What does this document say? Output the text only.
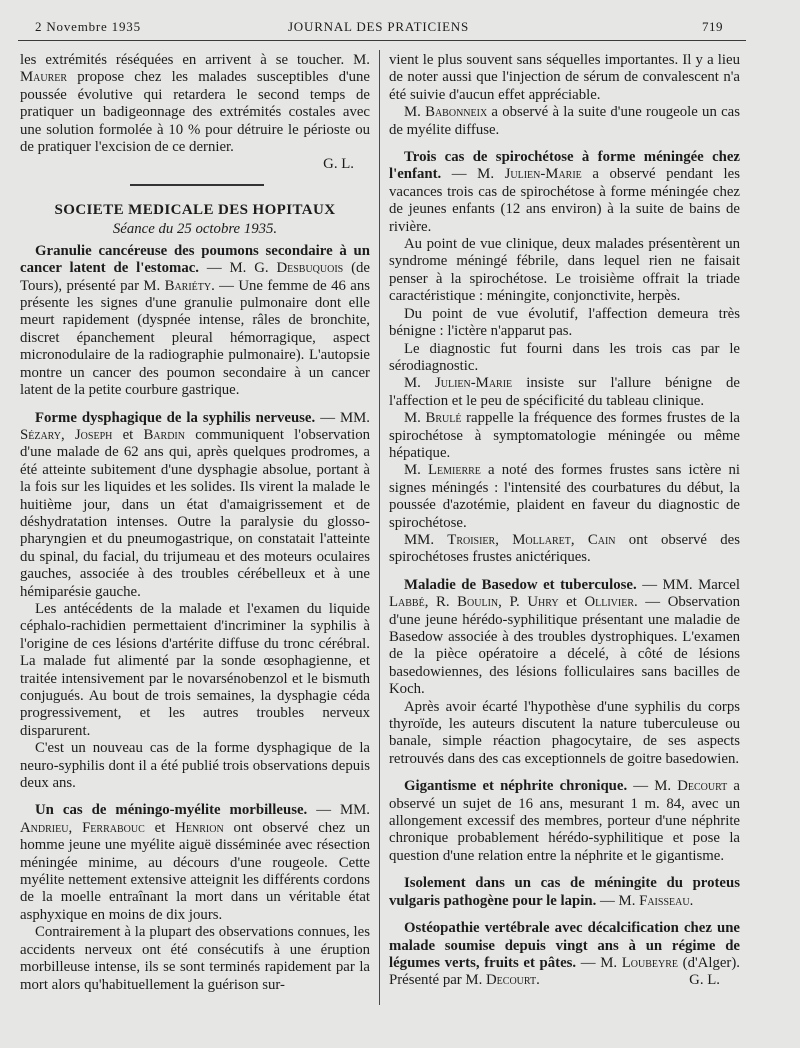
2 Novembre 1935	JOURNAL DES PRATICIENS	719

les extrémités réséquées en arrivent à se toucher. M. Maurer propose chez les malades susceptibles d'une poussée évolutive qui retardera le second temps de pratiquer un badigeonnage des extrémités costales avec une solution formolée à 10 % pour détruire le périoste ou de pratiquer l'excision de ce dernier.

G. L.
SOCIETE MEDICALE DES HOPITAUX
Séance du 25 octobre 1935.

Granulie cancéreuse des poumons secondaire à un cancer latent de l'estomac. — M. G. Desbuquois (de Tours), présenté par M. Bariéty. — Une femme de 46 ans présente les signes d'une granulie pulmonaire dont elle meurt rapidement (dyspnée intense, râles de bronchite, discret épanchement pleural hémorragique, aspect micronodulaire de la radiographie pulmonaire). L'autopsie montre un cancer des poumon secondaire à un cancer latent de la petite courbure gastrique.

Forme dysphagique de la syphilis nerveuse. — MM. Sézary, Joseph et Bardin communiquent l'observation d'une malade de 62 ans qui, après quelques prodromes, a été atteinte subitement d'une dysphagie absolue, portant à la fois sur les liquides et les solides. Ils virent la malade le huitième jour, dans un état d'amaigrissement et de déshydratation intenses. Outre la paralysie du glosso-pharyngien et du pneumogastrique, on constatait l'atteinte du spinal, du facial, du trijumeau et des moteurs oculaires gauches, associée à des troubles cérébelleux et à une hémiparésie gauche.

Les antécédents de la malade et l'examen du liquide céphalo-rachidien permettaient d'incriminer la syphilis à l'origine de ces lésions d'artérite diffuse du tronc cérébral. La malade fut alimenté par la sonde œsophagienne, et traitée intensivement par le novarsénobenzol et le bismuth conjugués. Au bout de trois semaines, la dysphagie céda progressivement, et les autres troubles nerveux disparurent.

C'est un nouveau cas de la forme dysphagique de la neuro-syphilis dont il a été publié trois observations depuis deux ans.

Un cas de méningo-myélite morbilleuse. — MM. Andrieu, Ferrabouc et Henrion ont observé chez un homme jeune une myélite aiguë disséminée avec résection méningée minime, au décours d'une rougeole. Cette myélite nettement extensive atteignit les différents cordons de la moelle entraînant la mort dans un véritable état asphyxique en moins de dix jours.

Contrairement à la plupart des observations connues, les accidents nerveux ont été consécutifs à une éruption morbilleuse intense, ils se sont terminés rapidement par la mort alors qu'habituellement la guérison sur-

vient le plus souvent sans séquelles importantes. Il y a lieu de noter aussi que l'injection de sérum de convalescent n'a été suivie d'aucun effet appréciable.

M. Babonneix a observé à la suite d'une rougeole un cas de myélite diffuse.

Trois cas de spirochétose à forme méningée chez l'enfant. — M. Julien-Marie a observé pendant les vacances trois cas de spirochétose à forme méningée chez de jeunes enfants (12 ans environ) à la suite de bains de rivière.

Au point de vue clinique, deux malades présentèrent un syndrome méningé fébrile, dans lequel rien ne faisait penser à la spirochétose. Le troisième offrait la triade caractéristique : méningite, conjonctivite, herpès.

Du point de vue évolutif, l'affection demeura très bénigne : l'ictère n'apparut pas.

Le diagnostic fut fourni dans les trois cas par le sérodiagnostic.

M. Julien-Marie insiste sur l'allure bénigne de l'affection et le peu de spécificité du tableau clinique.

M. Brulé rappelle la fréquence des formes frustes de la spirochétose à symptomatologie méningée ou même hépatique.

M. Lemierre a noté des formes frustes sans ictère ni signes méningés : l'intensité des courbatures du début, la poussée d'azotémie, plaident en faveur du diagnostic de spirochétose.

MM. Troisier, Mollaret, Cain ont observé des spirochétoses frustes anictériques.

Maladie de Basedow et tuberculose. — MM. Marcel Labbé, R. Boulin, P. Uhry et Ollivier. — Observation d'une jeune hérédo-syphilitique présentant une maladie de Basedow associée à des troubles dystrophiques. L'examen de la pièce opératoire a décelé, à côté de lésions basedowiennes, des lésions folliculaires sans bacilles de Koch.

Après avoir écarté l'hypothèse d'une syphilis du corps thyroïde, les auteurs discutent la nature tuberculeuse ou banale, simple réaction phagocytaire, de ses aspects retrouvés dans des cas exceptionnels de goitre basedowien.

Gigantisme et néphrite chronique. — M. Decourt a observé un sujet de 16 ans, mesurant 1 m. 84, avec un allongement excessif des membres, porteur d'une néphrite chronique probablement hérédo-syphilitique et pose la question d'une relation entre la néphrite et le gigantisme.

Isolement dans un cas de méningite du proteus vulgaris pathogène pour le lapin. — M. Faisseau.

Ostéopathie vertébrale avec décalcification chez une malade soumise depuis vingt ans à un régime de légumes verts, fruits et pâtes. — M. Loubeyre (d'Alger). Présenté par M. Decourt.	G. L.
